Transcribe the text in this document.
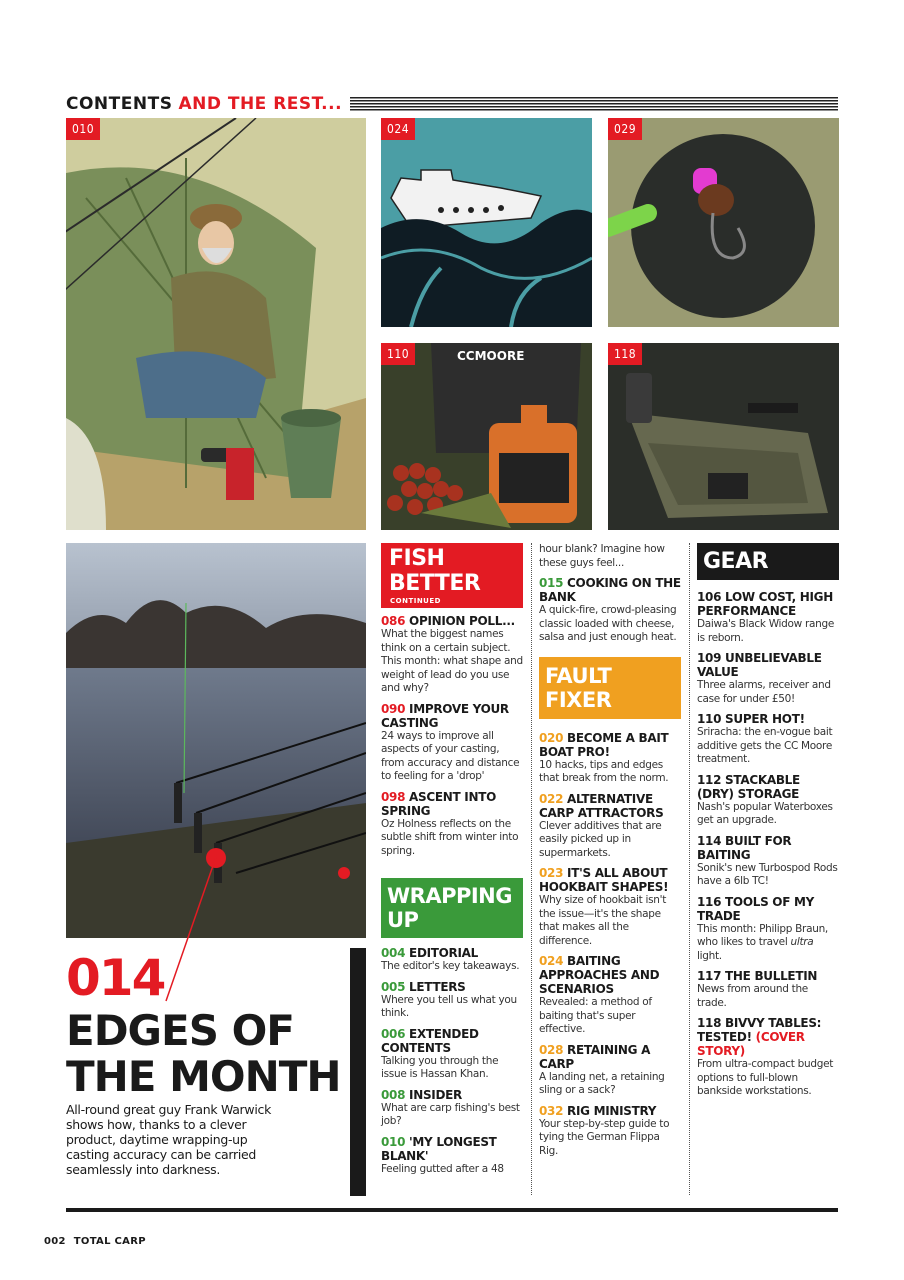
CONTENTS AND THE REST...
010	024	029
CCMOORE
110	118
014
EDGES OF THE MONTH
All-round great guy Frank Warwick shows how, thanks to a clever product, daytime wrapping-up casting accuracy can be carried seamlessly into darkness.
FISH BETTER
CONTINUED
086 OPINION POLL...
What the biggest names think on a certain subject. This month: what shape and weight of lead do you use and why?
090 IMPROVE YOUR CASTING
24 ways to improve all aspects of your casting, from accuracy and distance to feeling for a 'drop'
098 ASCENT INTO SPRING
Oz Holness reflects on the subtle shift from winter into spring.
WRAPPING UP
004 EDITORIAL
The editor's key takeaways.
005 LETTERS
Where you tell us what you think.
006 EXTENDED CONTENTS
Talking you through the issue is Hassan Khan.
008 INSIDER
What are carp fishing's best job?
010 'MY LONGEST BLANK'
Feeling gutted after a 48
hour blank? Imagine how these guys feel...
015 COOKING ON THE BANK
A quick-fire, crowd-pleasing classic loaded with cheese, salsa and just enough heat.
FAULT FIXER
020 BECOME A BAIT BOAT PRO!
10 hacks, tips and edges that break from the norm.
022 ALTERNATIVE CARP ATTRACTORS
Clever additives that are easily picked up in supermarkets.
023 IT'S ALL ABOUT HOOKBAIT SHAPES!
Why size of hookbait isn't the issue—it's the shape that makes all the difference.
024 BAITING APPROACHES AND SCENARIOS
Revealed: a method of baiting that's super effective.
028 RETAINING A CARP
A landing net, a retaining sling or a sack?
032 RIG MINISTRY
Your step-by-step guide to tying the German Flippa Rig.
GEAR
106 LOW COST, HIGH PERFORMANCE
Daiwa's Black Widow range is reborn.
109 UNBELIEVABLE VALUE
Three alarms, receiver and case for under £50!
110 SUPER HOT!
Sriracha: the en-vogue bait additive gets the CC Moore treatment.
112 STACKABLE (DRY) STORAGE
Nash's popular Waterboxes get an upgrade.
114 BUILT FOR BAITING
Sonik's new Turbospod Rods have a 6lb TC!
116 TOOLS OF MY TRADE
This month: Philipp Braun, who likes to travel ultra light.
117 THE BULLETIN
News from around the trade.
118 BIVVY TABLES: TESTED! (COVER STORY)
From ultra-compact budget options to full-blown bankside workstations.
002 TOTAL CARP
